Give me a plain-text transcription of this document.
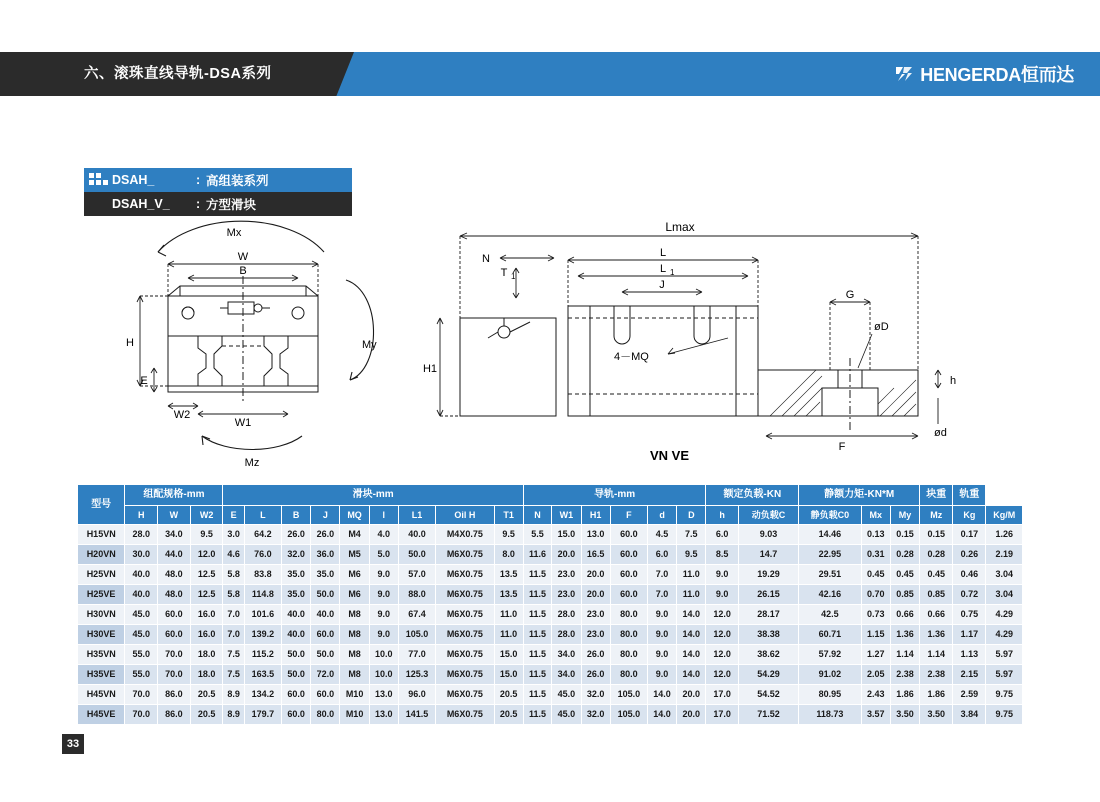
六、滚珠直线导轨-DSA系列	HENGERDA恒而达
DSAH_	: 高组装系列
DSAH_V_	: 方型滑块
Mx
W
B
H
E
W2
W1
My
Mz
Lmax
N	L
L 1
J
T 1
H1
G
øD
h
ød
F
4－MQ
VN VE
型号	组配规格-mm			滑块-mm									导轨-mm						额定负载-KN		静额力矩-KN*M			块重	轨重	
	H	W	W2	E	L	B	J	MQ	l	L1	Oil H	T1	N	W1	H1	F	d	D	h	动负载C	静负载C0	Mx	My	Mz	Kg	Kg/M
H15VN	28.0	34.0	9.5	3.0	64.2	26.0	26.0	M4	4.0	40.0	M4X0.75	9.5	5.5	15.0	13.0	60.0	4.5	7.5	6.0	9.03	14.46	0.13	0.15	0.15	0.17	1.26
H20VN	30.0	44.0	12.0	4.6	76.0	32.0	36.0	M5	5.0	50.0	M6X0.75	8.0	11.6	20.0	16.5	60.0	6.0	9.5	8.5	14.7	22.95	0.31	0.28	0.28	0.26	2.19
H25VN	40.0	48.0	12.5	5.8	83.8	35.0	35.0	M6	9.0	57.0	M6X0.75	13.5	11.5	23.0	20.0	60.0	7.0	11.0	9.0	19.29	29.51	0.45	0.45	0.45	0.46	3.04
H25VE	40.0	48.0	12.5	5.8	114.8	35.0	50.0	M6	9.0	88.0	M6X0.75	13.5	11.5	23.0	20.0	60.0	7.0	11.0	9.0	26.15	42.16	0.70	0.85	0.85	0.72	3.04
H30VN	45.0	60.0	16.0	7.0	101.6	40.0	40.0	M8	9.0	67.4	M6X0.75	11.0	11.5	28.0	23.0	80.0	9.0	14.0	12.0	28.17	42.5	0.73	0.66	0.66	0.75	4.29
H30VE	45.0	60.0	16.0	7.0	139.2	40.0	60.0	M8	9.0	105.0	M6X0.75	11.0	11.5	28.0	23.0	80.0	9.0	14.0	12.0	38.38	60.71	1.15	1.36	1.36	1.17	4.29
H35VN	55.0	70.0	18.0	7.5	115.2	50.0	50.0	M8	10.0	77.0	M6X0.75	15.0	11.5	34.0	26.0	80.0	9.0	14.0	12.0	38.62	57.92	1.27	1.14	1.14	1.13	5.97
H35VE	55.0	70.0	18.0	7.5	163.5	50.0	72.0	M8	10.0	125.3	M6X0.75	15.0	11.5	34.0	26.0	80.0	9.0	14.0	12.0	54.29	91.02	2.05	2.38	2.38	2.15	5.97
H45VN	70.0	86.0	20.5	8.9	134.2	60.0	60.0	M10	13.0	96.0	M6X0.75	20.5	11.5	45.0	32.0	105.0	14.0	20.0	17.0	54.52	80.95	2.43	1.86	1.86	2.59	9.75
H45VE	70.0	86.0	20.5	8.9	179.7	60.0	80.0	M10	13.0	141.5	M6X0.75	20.5	11.5	45.0	32.0	105.0	14.0	20.0	17.0	71.52	118.73	3.57	3.50	3.50	3.84	9.75
33
